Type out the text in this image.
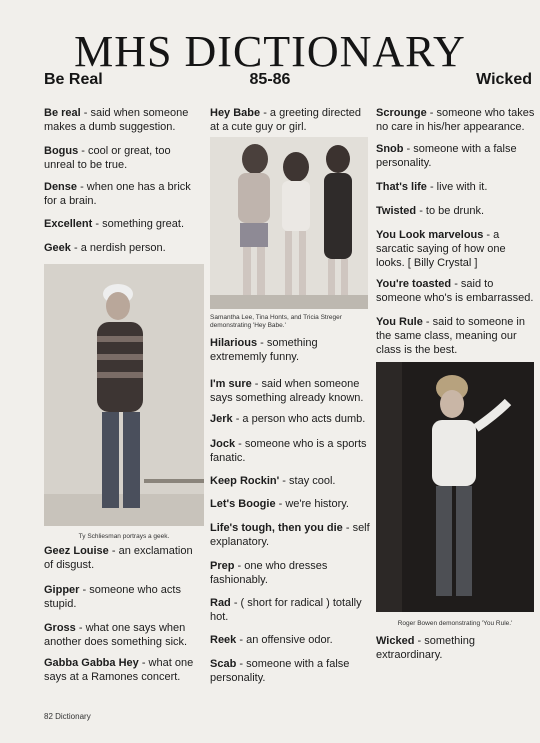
MHS DICTIONARY
Be Real	85-86	Wicked
Be real - said when someone makes a dumb suggestion.
Bogus - cool or great, too unreal to be true.
Dense - when one has a brick for a brain.
Excellent - something great.
Geek - a nerdish person.
Geez Louise - an exclamation of disgust.
Gipper - someone who acts stupid.
Gross - what one says when another does something sick.
Gabba Gabba Hey - what one says at a Ramones concert.
Ty Schliesman portrays a geek.
Hey Babe - a greeting directed at a cute guy or girl.
Hilarious - something extrememly funny.
I'm sure - said when someone says something already known.
Jerk - a person who acts dumb.
Jock - someone who is a sports fanatic.
Keep Rockin' - stay cool.
Let's Boogie - we're history.
Life's tough, then you die - self explanatory.
Prep - one who dresses fashionably.
Rad - ( short for radical ) totally hot.
Reek - an offensive odor.
Scab - someone with a false personality.
Samantha Lee, Tina Honts, and Tricia Streger demonstrating 'Hey Babe.'
Scrounge - someone who takes no care in his/her appearance.
Snob - someone with a false personality.
That's life - live with it.
Twisted - to be drunk.
You Look marvelous - a sarcatic saying of how one looks. [ Billy Crystal ]
You're toasted - said to someone who's is embarrassed.
You Rule - said to someone in the same class, meaning our class is the best.
Wicked - something extraordinary.
Roger Bowen demonstrating 'You Rule.'
82 Dictionary
